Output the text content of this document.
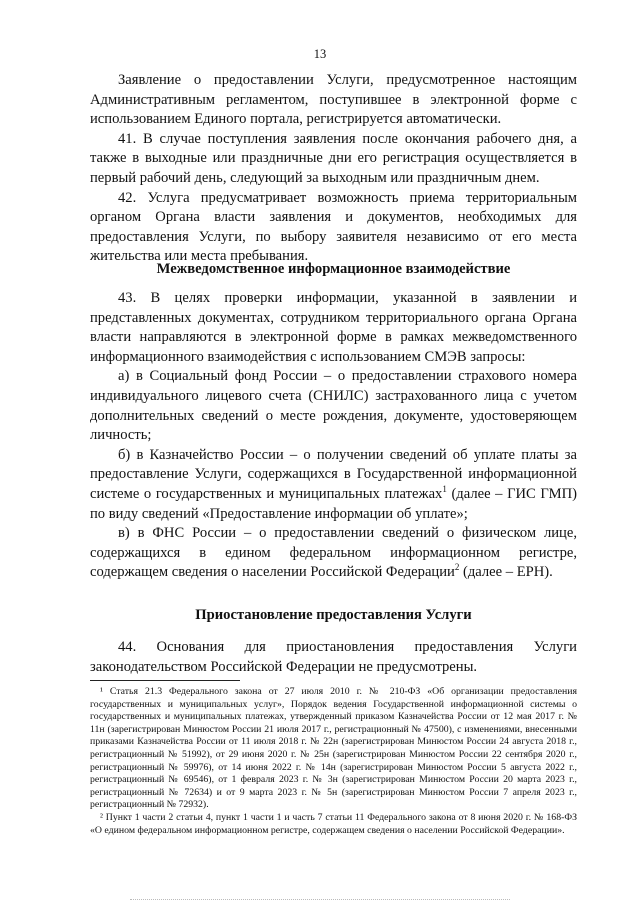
13

Заявление о предоставлении Услуги, предусмотренное настоящим Административным регламентом, поступившее в электронной форме с использованием Единого портала, регистрируется автоматически.

41. В случае поступления заявления после окончания рабочего дня, а также в выходные или праздничные дни его регистрация осуществляется в первый рабочий день, следующий за выходным или праздничным днем.

42. Услуга предусматривает возможность приема территориальным органом Органа власти заявления и документов, необходимых для предоставления Услуги, по выбору заявителя независимо от его места жительства или места пребывания.

Межведомственное информационное взаимодействие

43. В целях проверки информации, указанной в заявлении и представленных документах, сотрудником территориального органа Органа власти направляются в электронной форме в рамках межведомственного информационного взаимодействия с использованием СМЭВ запросы:

а) в Социальный фонд России – о предоставлении страхового номера индивидуального лицевого счета (СНИЛС) застрахованного лица с учетом дополнительных сведений о месте рождения, документе, удостоверяющем личность;

б) в Казначейство России – о получении сведений об уплате платы за предоставление Услуги, содержащихся в Государственной информационной системе о государственных и муниципальных платежах$^1$ (далее – ГИС ГМП) по виду сведений «Предоставление информации об уплате»;

в) в ФНС России – о предоставлении сведений о физическом лице, содержащихся в едином федеральном информационном регистре, содержащем сведения о населении Российской Федерации$^2$ (далее – ЕРН).

Приостановление предоставления Услуги

44. Основания для приостановления предоставления Услуги законодательством Российской Федерации не предусмотрены.

¹ Статья 21.3 Федерального закона от 27 июля 2010 г. № 210-ФЗ «Об организации предоставления государственных и муниципальных услуг», Порядок ведения Государственной информационной системы о государственных и муниципальных платежах, утвержденный приказом Казначейства России от 12 мая 2017 г. № 11н (зарегистрирован Минюстом России 21 июля 2017 г., регистрационный № 47500), с изменениями, внесенными приказами Казначейства России от 11 июля 2018 г. № 22н (зарегистрирован Минюстом России 24 августа 2018 г., регистрационный № 51992), от 29 июня 2020 г. № 25н (зарегистрирован Минюстом России 22 сентября 2020 г., регистрационный № 59976), от 14 июня 2022 г. № 14н (зарегистрирован Минюстом России 5 августа 2022 г., регистрационный № 69546), от 1 февраля 2023 г. № 3н (зарегистрирован Минюстом России 20 марта 2023 г., регистрационный № 72634) и от 9 марта 2023 г. № 5н (зарегистрирован Минюстом России 7 апреля 2023 г., регистрационный № 72932).

² Пункт 1 части 2 статьи 4, пункт 1 части 1 и часть 7 статьи 11 Федерального закона от 8 июня 2020 г. № 168-ФЗ «О едином федеральном информационном регистре, содержащем сведения о населении Российской Федерации».
